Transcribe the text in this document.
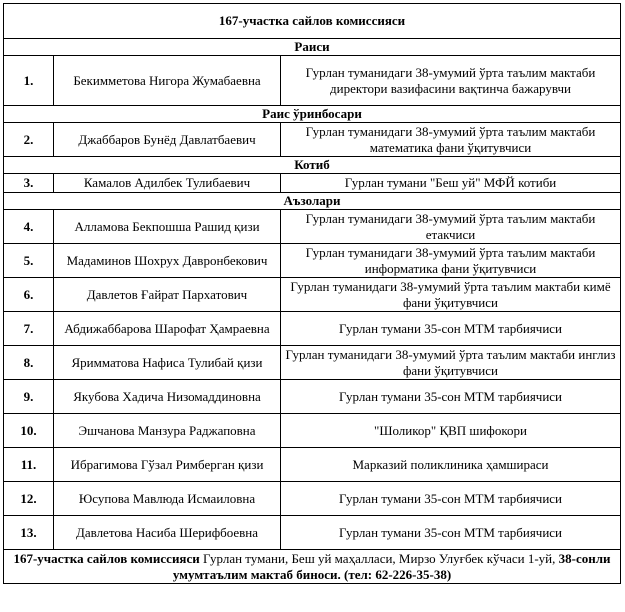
167-участка сайлов комиссияси		
Раиси		
1.	Бекимметова Нигора Жумабаевна	Гурлан туманидаги 38-умумий ўрта таълим мактаби директори вазифасини вақтинча бажарувчи
Раис ўринбосари		
2.	Джаббаров Бунёд Давлатбаевич	Гурлан туманидаги 38-умумий ўрта таълим мактаби математика фани ўқитувчиси
Котиб		
3.	Камалов Адилбек Тулибаевич	Гурлан тумани "Беш уй" МФЙ котиби
Аъзолари		
4.	Алламова Бекпошша Рашид қизи	Гурлан туманидаги 38-умумий ўрта таълим мактаби етакчиси
5.	Мадаминов Шохрух Давронбекович	Гурлан туманидаги 38-умумий ўрта таълим мактаби информатика фани ўқитувчиси
6.	Давлетов Ғайрат Пархатович	Гурлан туманидаги 38-умумий ўрта таълим мактаби кимё фани ўқитувчиси
7.	Абдижаббарова Шарофат Ҳамраевна	Гурлан тумани 35-сон МТМ тарбиячиси
8.	Яримматова Нафиса Тулибай қизи	Гурлан туманидаги 38-умумий ўрта таълим мактаби инглиз фани ўқитувчиси
9.	Якубова Хадича Низомаддиновна	Гурлан тумани 35-сон МТМ тарбиячиси
10.	Эшчанова Манзура Раджаповна	"Шоликор" ҚВП шифокори
11.	Ибрагимова Гўзал Римберган қизи	Марказий поликлиника ҳамшираси
12.	Юсупова Мавлюда Исмаиловна	Гурлан тумани 35-сон МТМ тарбиячиси
13.	Давлетова Насиба Шерифбоевна	Гурлан тумани 35-сон МТМ тарбиячиси
167-участка сайлов комиссияси Гурлан тумани, Беш уй маҳалласи, Мирзо Улуғбек кўчаси 1-уй, 38-сонли умумтаълим мактаб биноси. (тел: 62-226-35-38)		
